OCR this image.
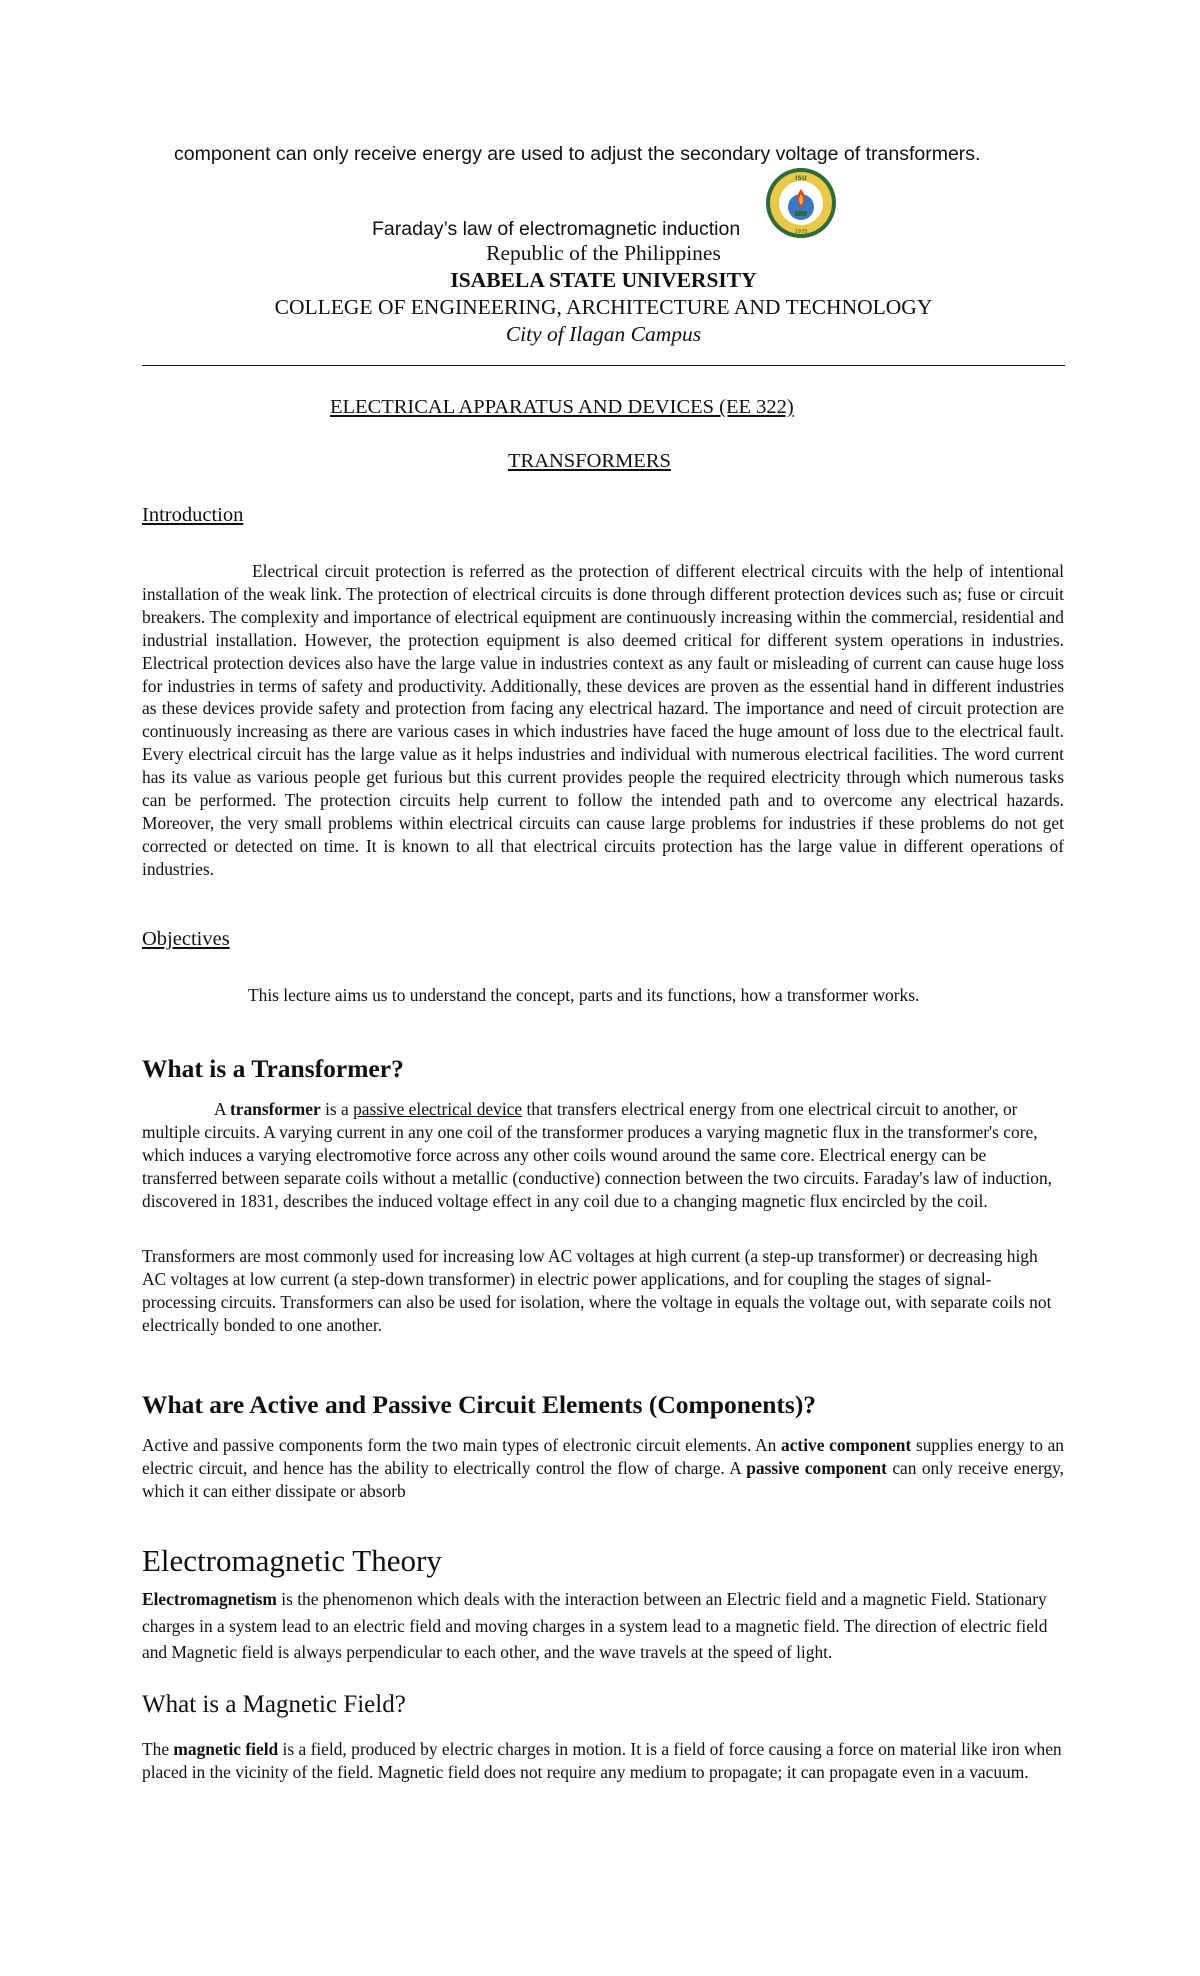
component can only receive energy are used to adjust the secondary voltage of transformers.
Faraday’s law of electromagnetic induction
ISU
1978
Republic of the Philippines
ISABELA STATE UNIVERSITY
COLLEGE OF ENGINEERING, ARCHITECTURE AND TECHNOLOGY
City of Ilagan Campus
ELECTRICAL APPARATUS AND DEVICES (EE 322)
TRANSFORMERS
Introduction
Electrical circuit protection is referred as the protection of different electrical circuits with the help of intentional installation of the weak link. The protection of electrical circuits is done through different protection devices such as; fuse or circuit breakers. The complexity and importance of electrical equipment are continuously increasing within the commercial, residential and industrial installation. However, the protection equipment is also deemed critical for different system operations in industries. Electrical protection devices also have the large value in industries context as any fault or misleading of current can cause huge loss for industries in terms of safety and productivity. Additionally, these devices are proven as the essential hand in different industries as these devices provide safety and protection from facing any electrical hazard. The importance and need of circuit protection are continuously increasing as there are various cases in which industries have faced the huge amount of loss due to the electrical fault. Every electrical circuit has the large value as it helps industries and individual with numerous electrical facilities. The word current has its value as various people get furious but this current provides people the required electricity through which numerous tasks can be performed. The protection circuits help current to follow the intended path and to overcome any electrical hazards. Moreover, the very small problems within electrical circuits can cause large problems for industries if these problems do not get corrected or detected on time. It is known to all that electrical circuits protection has the large value in different operations of industries.
Objectives
This lecture aims us to understand the concept, parts and its functions, how a transformer works.
What is a Transformer?
A transformer is a passive electrical device that transfers electrical energy from one electrical circuit to another, or multiple circuits. A varying current in any one coil of the transformer produces a varying magnetic flux in the transformer's core, which induces a varying electromotive force across any other coils wound around the same core. Electrical energy can be transferred between separate coils without a metallic (conductive) connection between the two circuits. Faraday's law of induction, discovered in 1831, describes the induced voltage effect in any coil due to a changing magnetic flux encircled by the coil.
Transformers are most commonly used for increasing low AC voltages at high current (a step-up transformer) or decreasing high AC voltages at low current (a step-down transformer) in electric power applications, and for coupling the stages of signal-processing circuits. Transformers can also be used for isolation, where the voltage in equals the voltage out, with separate coils not electrically bonded to one another.
What are Active and Passive Circuit Elements (Components)?
Active and passive components form the two main types of electronic circuit elements. An active component supplies energy to an electric circuit, and hence has the ability to electrically control the flow of charge. A passive component can only receive energy, which it can either dissipate or absorb
Electromagnetic Theory
Electromagnetism is the phenomenon which deals with the interaction between an Electric field and a magnetic Field. Stationary charges in a system lead to an electric field and moving charges in a system lead to a magnetic field. The direction of electric field and Magnetic field is always perpendicular to each other, and the wave travels at the speed of light.
What is a Magnetic Field?
The magnetic field is a field, produced by electric charges in motion. It is a field of force causing a force on material like iron when placed in the vicinity of the field. Magnetic field does not require any medium to propagate; it can propagate even in a vacuum.
